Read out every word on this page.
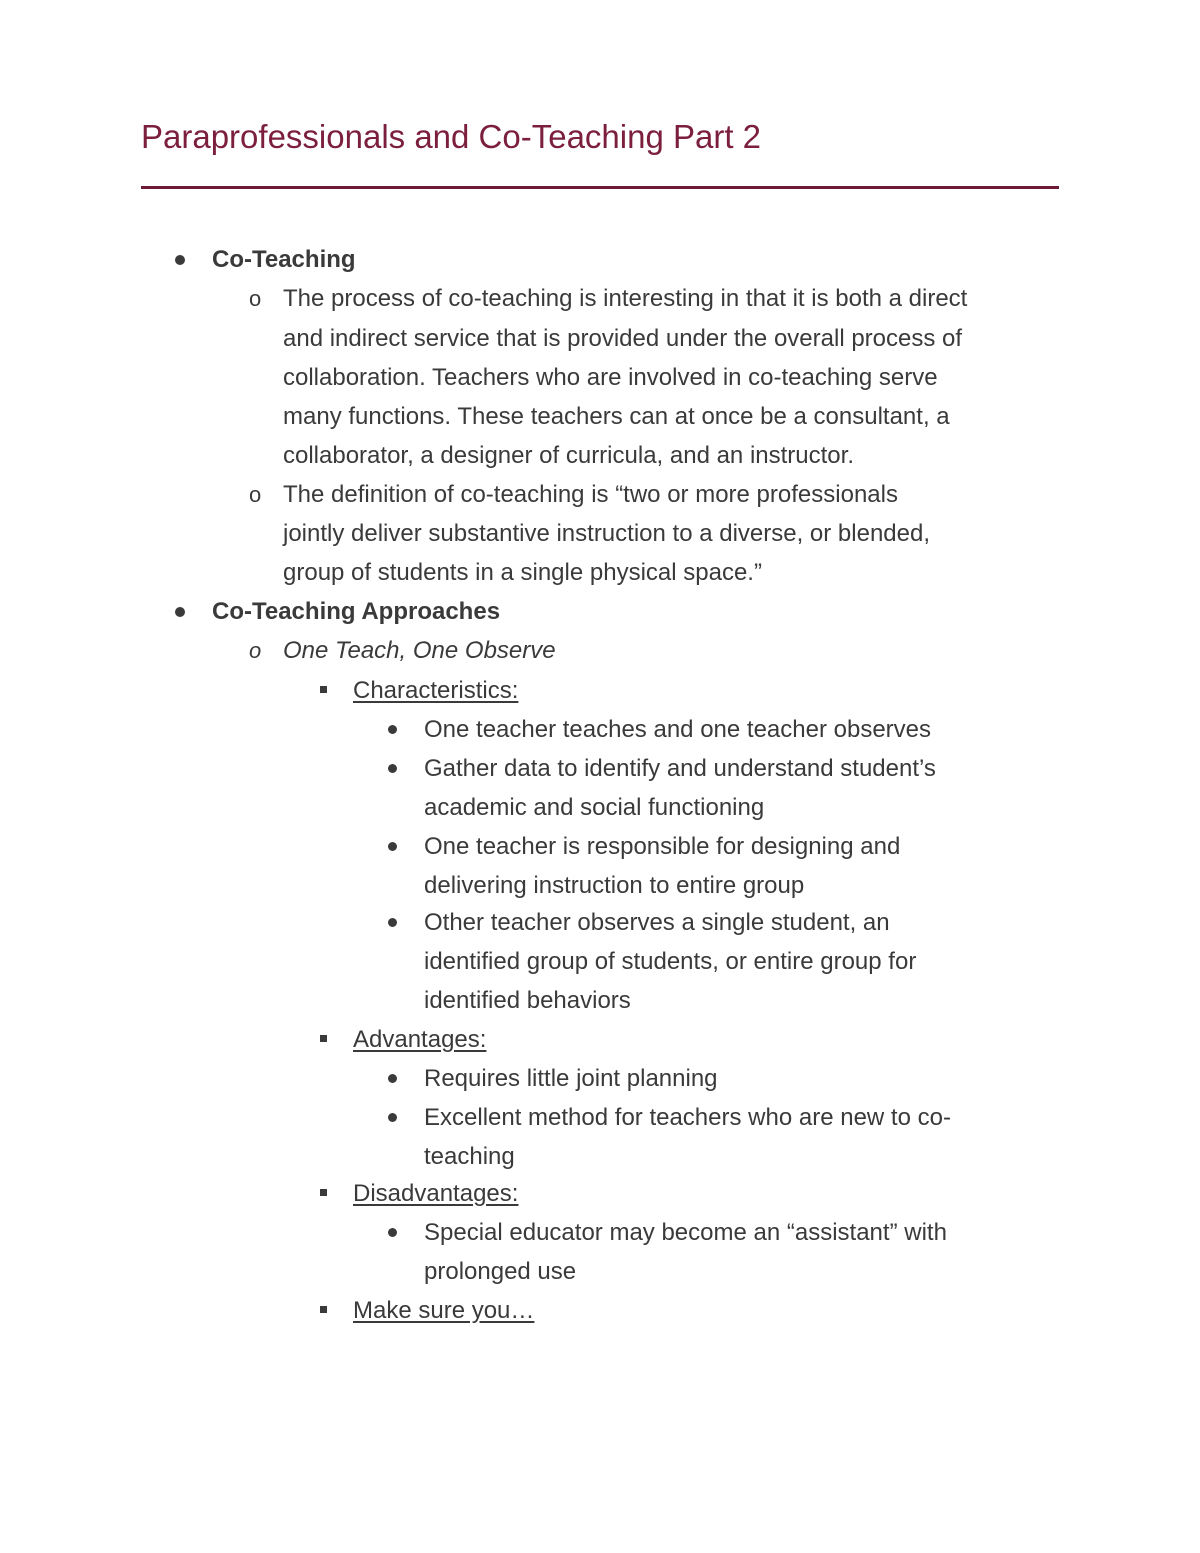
Paraprofessionals and Co-Teaching Part 2
Co-Teaching
o The process of co-teaching is interesting in that it is both a direct
and indirect service that is provided under the overall process of
collaboration. Teachers who are involved in co-teaching serve
many functions. These teachers can at once be a consultant, a
collaborator, a designer of curricula, and an instructor.
o The definition of co-teaching is “two or more professionals
jointly deliver substantive instruction to a diverse, or blended,
group of students in a single physical space.”
Co-Teaching Approaches
o One Teach, One Observe
Characteristics:
One teacher teaches and one teacher observes
Gather data to identify and understand student’s
academic and social functioning
One teacher is responsible for designing and
delivering instruction to entire group
Other teacher observes a single student, an
identified group of students, or entire group for
identified behaviors
Advantages:
Requires little joint planning
Excellent method for teachers who are new to co-
teaching
Disadvantages:
Special educator may become an “assistant” with
prolonged use
Make sure you…
